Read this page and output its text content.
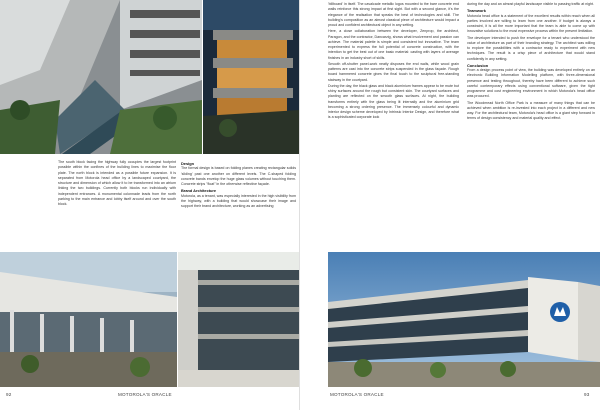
The south block facing the highway fully occupies the largest footprint possible within the confines of the building lines to maximise the floor plate. The north block is intended as a possible future expansion. It is separated from Motorola head office by a landscaped courtyard, the structure and dimension of which allow it to be transformed into an atrium linking the two buildings. Currently both blocks run individually with independent entrances. A monumental colonnade leads from the north parking to the main entrance and lobby itself around and over the south block.

Design

The formal design is based on folding planes creating rectangular solids 'sliding' past one another on different levels. The C-shaped folding concrete bands envelop the huge glass volumes without touching them. Concrete strips "float" in the otherwise reflective façade.

Brand Architecture

Motorola, as a tenant, was especially interested in the high visibility from the highway, with a building that would showcase their image and support their brand architecture, working as an advertising

92	MOTOROLA'S ORACLE

'billboard' in itself. The cavalcade metallic logos mounted to the bare concrete end walls reinforce this strong impact at first sight. But with a second glance, it's the elegance of the realisation that speaks the best of technologies and skill. The building's composition as an almost classical piece of architecture would impact a proud and confident architectural object in any setting.

Here, a close collaboration between the developer, Zenprop, the architect, Paragon, and the contractor, Dancarzig, shows what involvement and passion can achieve. The material palette is simple and consistent but innovative. The team experimented to express the full potential of concrete construction, with the intention to get the best out of one basic material: casting with layers of average finishes in an industry short of skills.

Smooth off-shutter panel-work neatly disposes the end walls, while wood grain patterns are cast into the concrete strips suspended in the glass façade. Rough board hammered concrete gives the final touch to the sculptural free-standing stairway in the courtyard.

During the day, the black glass and black aluminium frames appear to be mute but shiny surfaces around the rough but consistent skin. The courtyard surfaces and planting are reflected on the smooth glass surfaces. At night, the building transforms entirely with the glass being lit internally and the aluminium grid becoming a strong ordering presence. The immensely colourful and dynamic interior design scheme developed by Intrinsic Interior Design, and therefore what is a sophisticated corporate look

during the day and an almost playful landscape visible to passing traffic at night.

Teamwork

Motorola head office is a statement of the excellent results within reach when all parties involved are willing to learn from one another. If budget is always a constraint, it is all the more important that the team is able to come up with innovative solutions to the most expensive process within the present limitation.

The developer intended to push the envelope for a tenant who understood the value of architecture as part of their branding strategy. The architect was willing to explore the possibilities with a contractor ready to experiment with new techniques. The result is a crisp piece of architecture that would stand confidently in any setting.

Conclusion

From a design process point of view, the building was developed entirely on an electronic Building Information Modelling platform, with three-dimensional presence and testing throughout, thereby have been different to achieve such careful contemporary effects using conventional software, given the tight programme and cost engineering environment in which Motorola's head office was procured.

The Woodmead North Office Park is a measure of many things that can be achieved when ambition is re-invested into each project in a different and new way. For the architectural team, Motorola's head office is a giant step forward in terms of design consistency and material quality and effect.

MOTOROLA'S ORACLE	93
